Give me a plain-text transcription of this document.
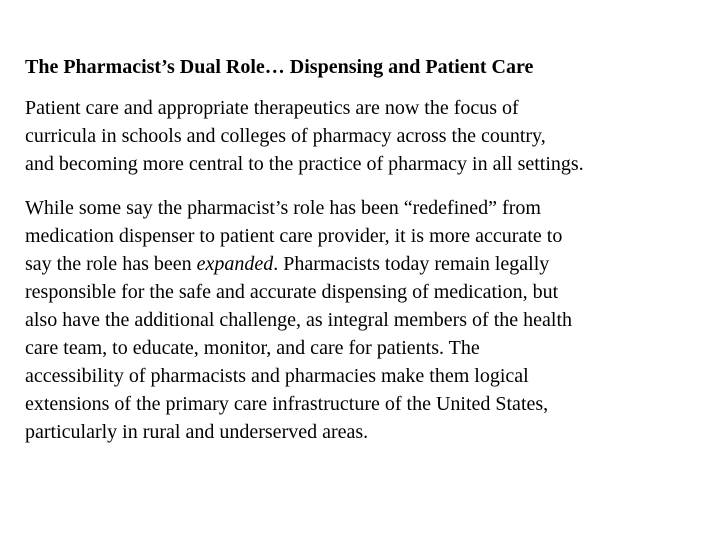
The Pharmacist’s Dual Role… Dispensing and Patient Care
Patient care and appropriate therapeutics are now the focus of
curricula in schools and colleges of pharmacy across the country,
and becoming more central to the practice of pharmacy in all settings.
While some say the pharmacist’s role has been “redefined” from
medication dispenser to patient care provider, it is more accurate to
say the role has been expanded. Pharmacists today remain legally
responsible for the safe and accurate dispensing of medication, but
also have the additional challenge, as integral members of the health
care team, to educate, monitor, and care for patients. The
accessibility of pharmacists and pharmacies make them logical
extensions of the primary care infrastructure of the United States,
particularly in rural and underserved areas.
